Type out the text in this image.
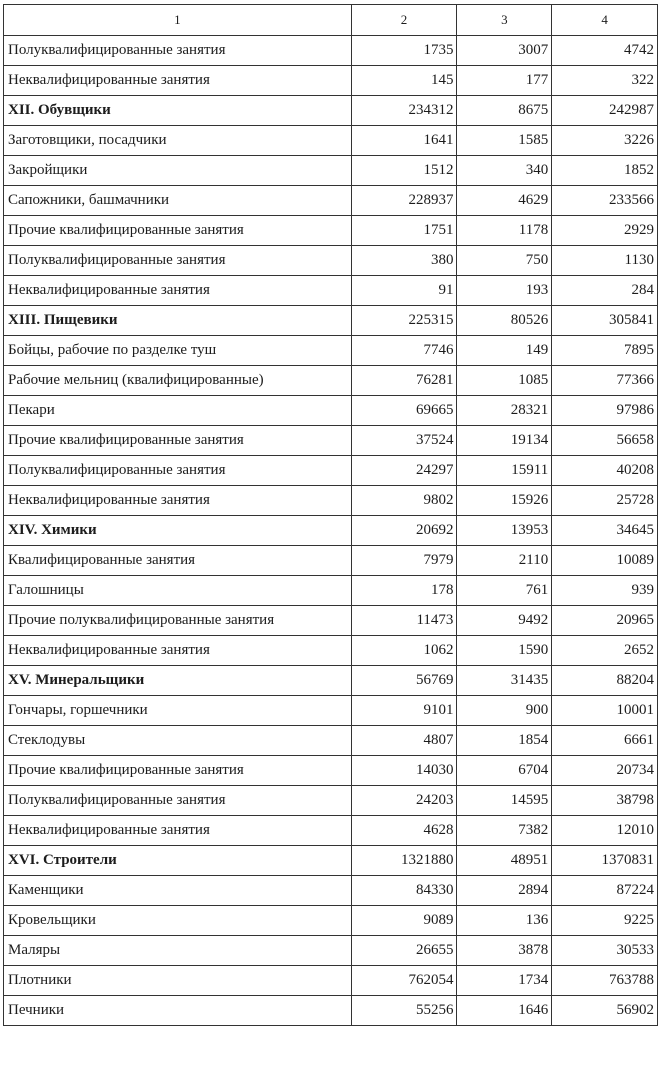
1	2	3	4
Полуквалифицированные занятия	1735	3007	4742
Неквалифицированные занятия	145	177	322
XII. Обувщики	234312	8675	242987
Заготовщики, посадчики	1641	1585	3226
Закройщики	1512	340	1852
Сапожники, башмачники	228937	4629	233566
Прочие квалифицированные занятия	1751	1178	2929
Полуквалифицированные занятия	380	750	1130
Неквалифицированные занятия	91	193	284
XIII. Пищевики	225315	80526	305841
Бойцы, рабочие по разделке туш	7746	149	7895
Рабочие мельниц (квалифицированные)	76281	1085	77366
Пекари	69665	28321	97986
Прочие квалифицированные занятия	37524	19134	56658
Полуквалифицированные занятия	24297	15911	40208
Неквалифицированные занятия	9802	15926	25728
XIV. Химики	20692	13953	34645
Квалифицированные занятия	7979	2110	10089
Галошницы	178	761	939
Прочие полуквалифицированные занятия	11473	9492	20965
Неквалифицированные занятия	1062	1590	2652
XV. Минеральщики	56769	31435	88204
Гончары, горшечники	9101	900	10001
Стеклодувы	4807	1854	6661
Прочие квалифицированные занятия	14030	6704	20734
Полуквалифицированные занятия	24203	14595	38798
Неквалифицированные занятия	4628	7382	12010
XVI. Строители	1321880	48951	1370831
Каменщики	84330	2894	87224
Кровельщики	9089	136	9225
Маляры	26655	3878	30533
Плотники	762054	1734	763788
Печники	55256	1646	56902
